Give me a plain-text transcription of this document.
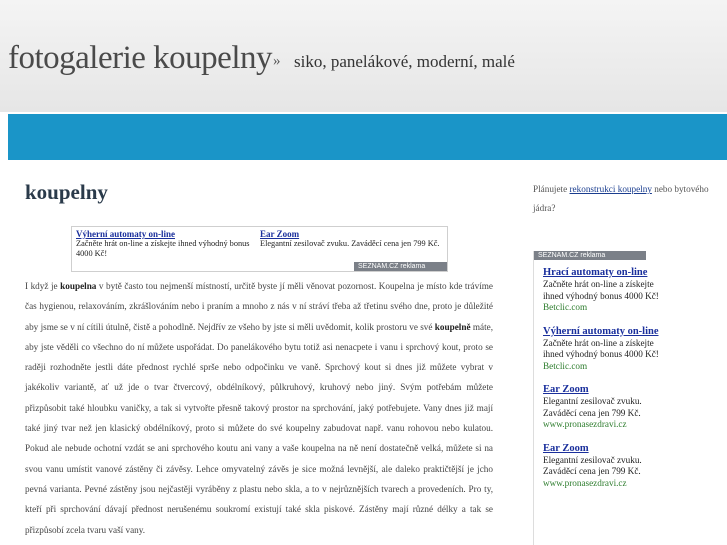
fotogalerie koupelny » siko, panelákové, moderní, malé
koupelny
Výherní automaty on-line
Začněte hrát on-line a získejte ihned výhodný bonus 4000 Kč!
Ear Zoom
Elegantní zesilovač zvuku. Zaváděcí cena jen 799 Kč.
SEZNAM.CZ reklama
I když je koupelna v bytě často tou nejmenší místností, určitě byste jí měli věnovat pozornost. Koupelna je místo kde trávíme čas hygienou, relaxováním, zkrášlováním nebo i praním a mnoho z nás v ní stráví třeba až třetinu svého dne, proto je důležité aby jsme se v ní cítili útulně, čistě a pohodlně. Nejdřív ze všeho by jste si měli uvědomit, kolik prostoru ve své koupelně máte, aby jste věděli co všechno do ní můžete uspořádat. Do panelákového bytu totiž asi nenacpete i vanu i sprchový kout, proto se raději rozhodněte jestli dáte přednost rychlé sprše nebo odpočinku ve vaně. Sprchový kout si dnes již můžete vybrat v jakékoliv variantě, ať už jde o tvar čtvercový, obdélníkový, půlkruhový, kruhový nebo jiný. Svým potřebám můžete přizpůsobit také hloubku vaničky, a tak si vytvořte přesně takový prostor na sprchování, jaký potřebujete. Vany dnes již mají také jiný tvar než jen klasický obdélníkový, proto si můžete do své koupelny zabudovat např. vanu rohovou nebo kulatou. Pokud ale nebude ochotní vzdát se ani sprchového koutu ani vany a vaše koupelna na ně není dostatečně velká, můžete si na svou vanu umístit vanové zástěny či závěsy. Lehce omyvatelný závěs je sice možná levnější, ale daleko praktičtější je jcho pevná varianta. Pevné zástěny jsou nejčastěji vyráběny z plastu nebo skla, a to v nejrůznějších tvarech a provedeních. Pro ty, kteří při sprchování dávají přednost nerušenému soukromí existují také skla piskové. Zástěny mají různé délky a tak se přizpůsobí zcela tvaru vaší vany.
Plánujete rekonstrukci koupelny nebo bytového jádra?
SEZNAM.CZ reklama
Hrací automaty on-line
Začněte hrát on-line a získejte ihned výhodný bonus 4000 Kč!
Betclic.com
Výherní automaty on-line
Začněte hrát on-line a získejte ihned výhodný bonus 4000 Kč!
Betclic.com
Ear Zoom
Elegantní zesilovač zvuku. Zaváděcí cena jen 799 Kč.
www.pronasezdravi.cz
Ear Zoom
Elegantní zesilovač zvuku. Zaváděcí cena jen 799 Kč.
www.pronasezdravi.cz
